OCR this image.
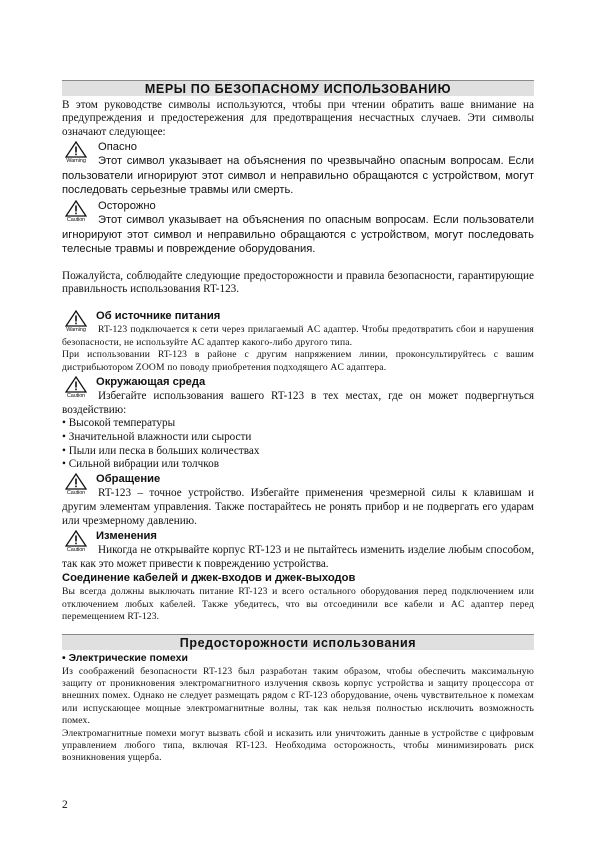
МЕРЫ ПО БЕЗОПАСНОМУ ИСПОЛЬЗОВАНИЮ

В этом руководстве символы используются, чтобы при чтении обратить ваше внимание на предупреждения и предостережения для предотвращения несчастных случаев. Эти символы означают следующее:

Warning
Опасно

Этот символ указывает на объяснения по чрезвычайно опасным вопросам. Если пользователи игнорируют этот символ и неправильно обращаются с устройством, могут последовать серьезные травмы или смерть.

Caution
Осторожно

Этот символ указывает на объяснения по опасным вопросам. Если пользователи игнорируют этот символ и неправильно обращаются с устройством, могут последовать телесные травмы и повреждение оборудования.

Пожалуйста, соблюдайте следующие предосторожности и правила безопасности, гарантирующие правильность использования RT-123.

Warning
Об источнике питания

RT-123 подключается к сети через прилагаемый AC адаптер. Чтобы предотвратить сбои и нарушения безопасности, не используйте AC адаптер какого-либо другого типа.

При использовании RT-123 в районе с другим напряжением линии, проконсультируйтесь с вашим дистрибьютором ZOOM по поводу приобретения подходящего AC адаптера.

Caution
Окружающая среда

Избегайте использования вашего RT-123 в тех местах, где он может подвергнуться воздействию:

• Высокой температуры
• Значительной влажности или сырости
• Пыли или песка в больших количествах
• Сильной вибрации или толчков
Caution
Обращение

RT-123 – точное устройство. Избегайте применения чрезмерной силы к клавишам и другим элементам управления. Также постарайтесь не ронять прибор и не подвергать его ударам или чрезмерному давлению.

Caution
Изменения

Никогда не открывайте корпус RT-123 и не пытайтесь изменить изделие любым способом, так как это может привести к повреждению устройства.

Соединение кабелей и джек-входов и джек-выходов

Вы всегда должны выключать питание RT-123 и всего остального оборудования перед подключением или отключением любых кабелей. Также убедитесь, что вы отсоединили все кабели и AC адаптер перед перемещением RT-123.

Предосторожности использования
• Электрические помехи

Из соображений безопасности RT-123 был разработан таким образом, чтобы обеспечить максимальную защиту от проникновения электромагнитного излучения сквозь корпус устройства и защиту процессора от внешних помех. Однако не следует размещать рядом с RT-123 оборудование, очень чувствительное к помехам или испускающее мощные электромагнитные волны, так как нельзя полностью исключить возможность помех.

Электромагнитные помехи могут вызвать сбой и исказить или уничтожить данные в устройстве с цифровым управлением любого типа, включая RT-123. Необходима осторожность, чтобы минимизировать риск возникновения ущерба.

2
